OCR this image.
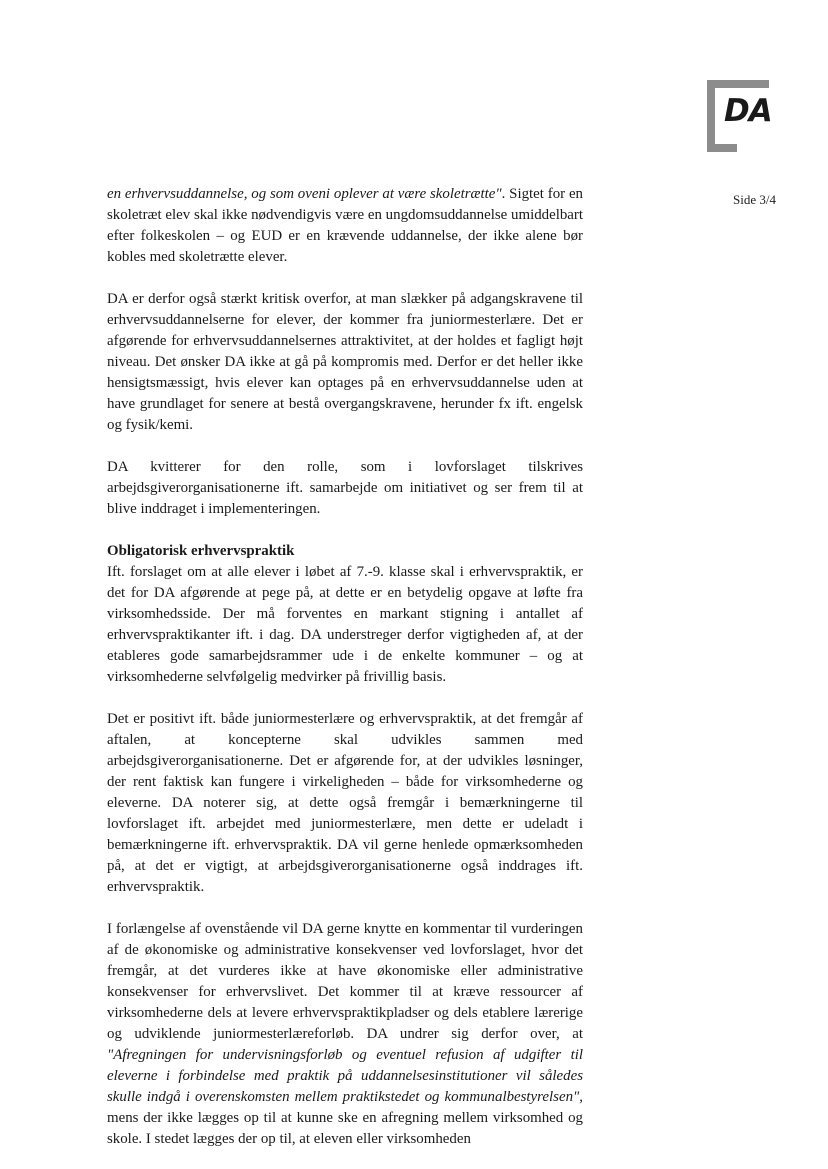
DA
Side 3/4

en erhvervsuddannelse, og som oveni oplever at være skoletrætte". Sigtet for en skoletræt elev skal ikke nødvendigvis være en ungdomsuddannelse umiddelbart efter folkeskolen – og EUD er en krævende uddannelse, der ikke alene bør kobles med skoletrætte elever.

DA er derfor også stærkt kritisk overfor, at man slækker på adgangskravene til erhvervsuddannelserne for elever, der kommer fra juniormesterlære. Det er afgørende for erhvervsuddannelsernes attraktivitet, at der holdes et fagligt højt niveau. Det ønsker DA ikke at gå på kompromis med. Derfor er det heller ikke hensigtsmæssigt, hvis elever kan optages på en erhvervsuddannelse uden at have grundlaget for senere at bestå overgangskravene, herunder fx ift. engelsk og fysik/kemi.

DA kvitterer for den rolle, som i lovforslaget tilskrives arbejdsgiverorganisationerne ift. samarbejde om initiativet og ser frem til at blive inddraget i implementeringen.

Obligatorisk erhvervspraktik

Ift. forslaget om at alle elever i løbet af 7.-9. klasse skal i erhvervspraktik, er det for DA afgørende at pege på, at dette er en betydelig opgave at løfte fra virksomhedsside. Der må forventes en markant stigning i antallet af erhvervspraktikanter ift. i dag. DA understreger derfor vigtigheden af, at der etableres gode samarbejdsrammer ude i de enkelte kommuner – og at virksomhederne selvfølgelig medvirker på frivillig basis.

Det er positivt ift. både juniormesterlære og erhvervspraktik, at det fremgår af aftalen, at koncepterne skal udvikles sammen med arbejdsgiverorganisationerne. Det er afgørende for, at der udvikles løsninger, der rent faktisk kan fungere i virkeligheden – både for virksomhederne og eleverne. DA noterer sig, at dette også fremgår i bemærkningerne til lovforslaget ift. arbejdet med juniormesterlære, men dette er udeladt i bemærkningerne ift. erhvervspraktik. DA vil gerne henlede opmærksomheden på, at det er vigtigt, at arbejdsgiverorganisationerne også inddrages ift. erhvervspraktik.

I forlængelse af ovenstående vil DA gerne knytte en kommentar til vurderingen af de økonomiske og administrative konsekvenser ved lovforslaget, hvor det fremgår, at det vurderes ikke at have økonomiske eller administrative konsekvenser for erhvervslivet. Det kommer til at kræve ressourcer af virksomhederne dels at levere erhvervspraktikpladser og dels etablere lærerige og udviklende juniormesterlæreforløb. DA undrer sig derfor over, at "Afregningen for undervisningsforløb og eventuel refusion af udgifter til eleverne i forbindelse med praktik på uddannelsesinstitutioner vil således skulle indgå i overenskomsten mellem praktikstedet og kommunalbestyrelsen", mens der ikke lægges op til at kunne ske en afregning mellem virksomhed og skole. I stedet lægges der op til, at eleven eller virksomheden
